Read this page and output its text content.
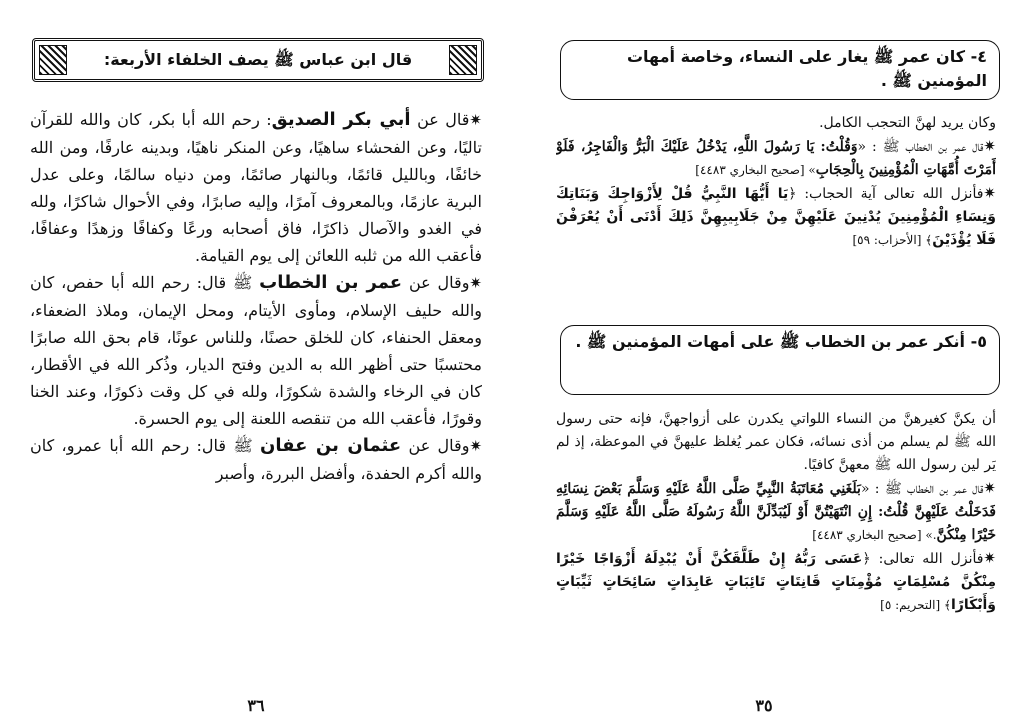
قال ابن عباس ﷺ يصف الخلفاء الأربعة:
✷قال عن أبي بكر الصديق: رحم الله أبا بكر، كان والله للقرآن تاليًا، وعن الفحشاء ساهيًا، وعن المنكر ناهيًا، وبدينه عارفًا، ومن الله خائفًا، وبالليل قائمًا، وبالنهار صائمًا، ومن دنياه سالمًا، وعلى عدل البرية عازمًا، وبالمعروف آمرًا، وإليه صابرًا، وفي الأحوال شاكرًا، ولله في الغدو والآصال ذاكرًا، فاق أصحابه ورعًا وكفافًا وزهدًا وعفافًا، فأعقب الله من ثلبه اللعائن إلى يوم القيامة.
✷وقال عن عمر بن الخطاب ﷺ قال: رحم الله أبا حفص، كان والله حليف الإسلام، ومأوى الأيتام، ومحل الإيمان، وملاذ الضعفاء، ومعقل الحنفاء، كان للخلق حصنًا، وللناس عونًا، قام بحق الله صابرًا محتسبًا حتى أظهر الله به الدين وفتح الديار، وذُكر الله في الأقطار، كان في الرخاء والشدة شكورًا، ولله في كل وقت ذكورًا، وعند الخنا وقورًا، فأعقب الله من تنقصه اللعنة إلى يوم الحسرة.
✷وقال عن عثمان بن عفان ﷺ قال: رحم الله أبا عمرو، كان والله أكرم الحفدة، وأفضل البررة، وأصبر
٣٦
٤- كان عمر ﷺ يغار على النساء، وخاصة أمهات المؤمنين ﷺ .
وكان يريد لهنَّ التحجب الكامل.
✷قال عمر بن الخطاب ﷺ : «وَقُلْتُ: يَا رَسُولَ اللَّهِ، يَدْخُلُ عَلَيْكَ الْبَرُّ وَالْفَاجِرُ، فَلَوْ أَمَرْتَ أُمَّهَاتِ الْمُؤْمِنِينَ بِالْحِجَابِ» [صحيح البخاري ٤٤٨٣]
✷فأنزل الله تعالى آية الحجاب: ﴿يَا أَيُّهَا النَّبِيُّ قُلْ لِأَزْوَاجِكَ وَبَنَاتِكَ وَنِسَاءِ الْمُؤْمِنِينَ يُدْنِينَ عَلَيْهِنَّ مِنْ جَلَابِيبِهِنَّ ذَلِكَ أَدْنَى أَنْ يُعْرَفْنَ فَلَا يُؤْذَيْنَ﴾ [الأحزاب: ٥٩]
٥- أنكر عمر بن الخطاب ﷺ على أمهات المؤمنين ﷺ .
أن يكنَّ كغيرهنَّ من النساء اللواتي يكدرن على أزواجهنَّ، فإنه حتى رسول الله ﷺ لم يسلم من أذى نسائه، فكان عمر يُغلظ عليهنَّ في الموعظة، إذ لم يَر لين رسول الله ﷺ معهنَّ كافيًا.
✷قال عمر بن الخطاب ﷺ : «بَلَغَنِي مُعَاتَبَةُ النَّبِيِّ صَلَّى اللَّهُ عَلَيْهِ وَسَلَّمَ بَعْضَ نِسَائِهِ فَدَخَلْتُ عَلَيْهِنَّ قُلْتُ: إِنِ انْتَهَيْتُنَّ أَوْ لَيُبَدِّلَنَّ اللَّهُ رَسُولَهُ صَلَّى اللَّهُ عَلَيْهِ وَسَلَّمَ خَيْرًا مِنْكُنَّ.» [صحيح البخاري ٤٤٨٣]
✷فأنزل الله تعالى: ﴿عَسَى رَبُّهُ إِنْ طَلَّقَكُنَّ أَنْ يُبْدِلَهُ أَزْوَاجًا خَيْرًا مِنْكُنَّ مُسْلِمَاتٍ مُؤْمِنَاتٍ قَانِتَاتٍ تَائِبَاتٍ عَابِدَاتٍ سَائِحَاتٍ ثَيِّبَاتٍ وَأَبْكَارًا﴾ [التحريم: ٥]
٣٥
